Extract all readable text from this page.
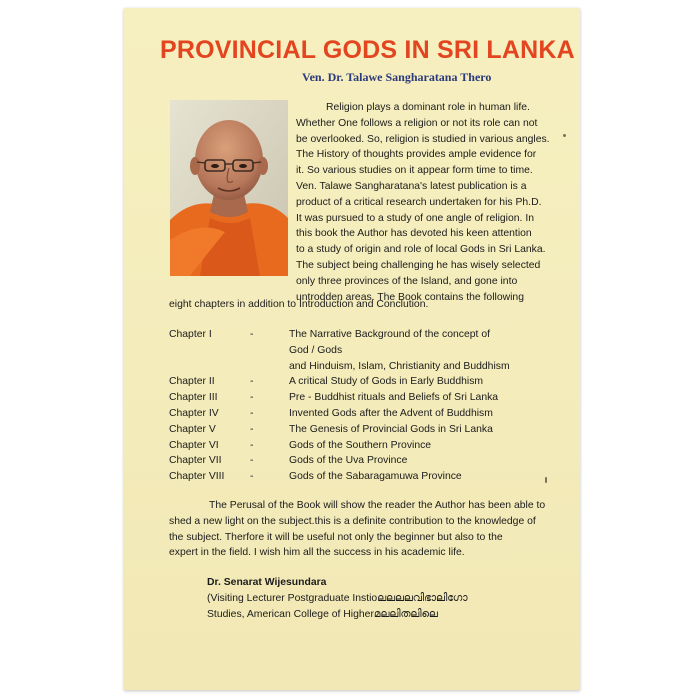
PROVINCIAL GODS IN SRI LANKA
Ven. Dr. Talawe Sangharatana Thero
Religion plays a dominant role in human life.
Whether One follows a religion or not its role can not
be overlooked. So, religion is studied in various angles.
The History of thoughts provides ample evidence for
it. So various studies on it appear form time to time.
Ven. Talawe Sangharatana's latest publication is a
product of a critical research undertaken for his Ph.D.
It was pursued to a study of one angle of religion. In
this book the Author has devoted his keen attention
to a study of origin and role of local Gods in Sri Lanka.
The subject being challenging he has wisely selected
only three provinces of the Island, and gone into
untrodden areas. The Book contains the following
eight chapters in addition to Introduction and Conclution.
Chapter I	-	The Narrative Background of the concept of
God / Gods
and Hinduism, Islam, Christianity and Buddhism
Chapter II	-	A critical Study of Gods in Early Buddhism
Chapter III	-	Pre - Buddhist rituals and Beliefs of Sri Lanka
Chapter IV	-	Invented Gods after the Advent of Buddhism
Chapter V	-	The Genesis of Provincial Gods in Sri Lanka
Chapter VI	-	Gods of the Southern Province
Chapter VII	-	Gods of the Uva Province
Chapter VIII -	Gods of the Sabaragamuwa Province
The Perusal of the Book will show the reader the Author has been able to
shed a new light on the subject.this is a definite contribution to the knowledge of
the subject. Therfore it will be useful not only the beginner but also to the
expert in the field. I wish him all the success in his academic life.
Dr. Senarat Wijesundara
(Visiting Lecturer Postgraduate Instioലലലലവിഭാലിഗോ
Studies, American College of Higherമലലിതലിലെ
